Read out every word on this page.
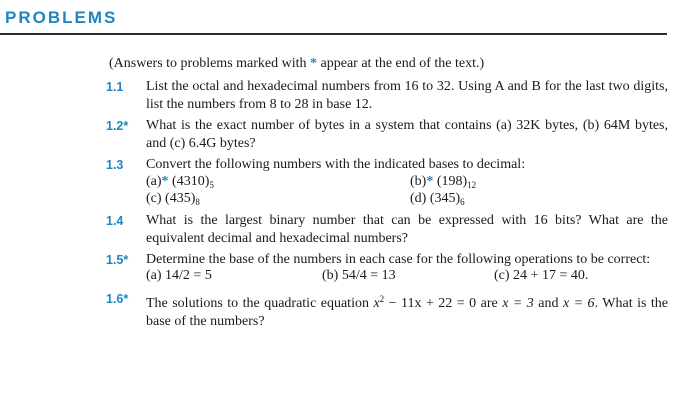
PROBLEMS
(Answers to problems marked with * appear at the end of the text.)
1.1 List the octal and hexadecimal numbers from 16 to 32. Using A and B for the last two digits, list the numbers from 8 to 28 in base 12.
1.2* What is the exact number of bytes in a system that contains (a) 32K bytes, (b) 64M bytes, and (c) 6.4G bytes?
1.3 Convert the following numbers with the indicated bases to decimal:
(a)* $(4310)_5$	(b)* $(198)_{12}$
(c) $(435)_8$	(d) $(345)_6$
1.4 What is the largest binary number that can be expressed with 16 bits? What are the equivalent decimal and hexadecimal numbers?
1.5* Determine the base of the numbers in each case for the following operations to be correct:
(a) 14/2 = 5	(b) 54/4 = 13	(c) 24 + 17 = 40.
1.6* The solutions to the quadratic equation $x^2 - 11x + 22 = 0$ are x = 3 and x = 6. What is the base of the numbers?
